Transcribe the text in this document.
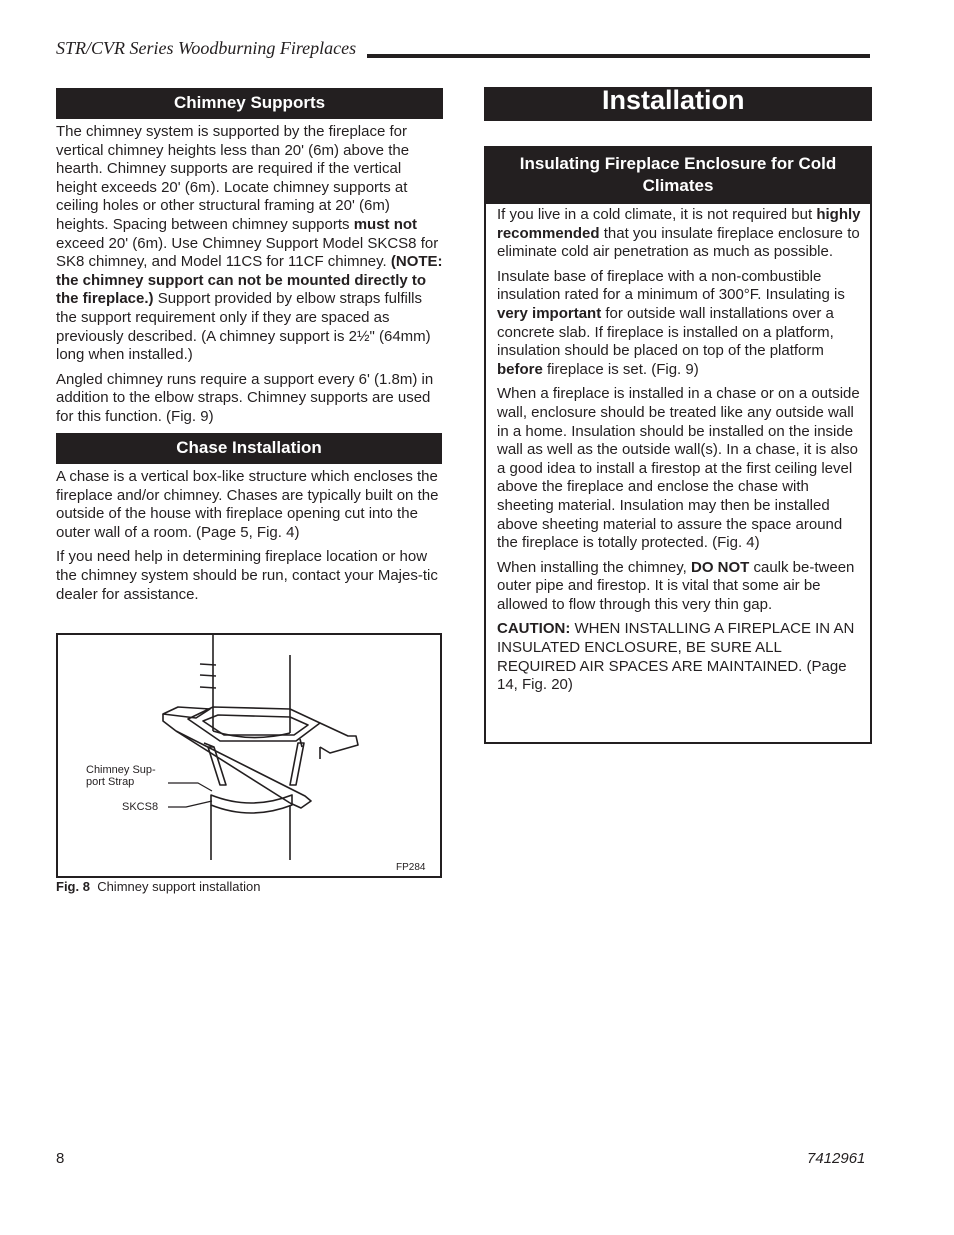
STR/CVR Series Woodburning Fireplaces
Chimney Supports

The chimney system is supported by the fireplace for vertical chimney heights less than 20' (6m) above the hearth. Chimney supports are required if the vertical height exceeds 20' (6m). Locate chimney supports at ceiling holes or other structural framing at 20' (6m) heights. Spacing between chimney supports must not exceed 20' (6m). Use Chimney Support Model SKCS8 for SK8 chimney, and Model 11CS for 11CF chimney. (NOTE: the chimney support can not be mounted directly to the fireplace.) Support provided by elbow straps fulfills the support requirement only if they are spaced as previously described. (A chimney support is 2½" (64mm) long when installed.)

Angled chimney runs require a support every 6' (1.8m) in addition to the elbow straps. Chimney supports are used for this function. (Fig. 9)

Chase Installation

A chase is a vertical box-like structure which encloses the fireplace and/or chimney. Chases are typically built on the outside of the house with fireplace opening cut into the outer wall of a room. (Page 5, Fig. 4)

If you need help in determining fireplace location or how the chimney system should be run, contact your Majes-tic dealer for assistance.

Chimney Sup-
port Strap
SKCS8
FP284
Fig. 8 Chimney support installation
Installation
Insulating Fireplace Enclosure for Cold Climates

If you live in a cold climate, it is not required but highly recommended that you insulate fireplace enclosure to eliminate cold air penetration as much as possible.

Insulate base of fireplace with a non-combustible insulation rated for a minimum of 300°F. Insulating is very important for outside wall installations over a concrete slab. If fireplace is installed on a platform, insulation should be placed on top of the platform before fireplace is set. (Fig. 9)

When a fireplace is installed in a chase or on a outside wall, enclosure should be treated like any outside wall in a home. Insulation should be installed on the inside wall as well as the outside wall(s). In a chase, it is also a good idea to install a firestop at the first ceiling level above the fireplace and enclose the chase with sheeting material. Insulation may then be installed above sheeting material to assure the space around the fireplace is totally protected. (Fig. 4)

When installing the chimney, DO NOT caulk be-tween outer pipe and firestop. It is vital that some air be allowed to flow through this very thin gap.

CAUTION: WHEN INSTALLING A FIREPLACE IN AN INSULATED ENCLOSURE, BE SURE ALL REQUIRED AIR SPACES ARE MAINTAINED. (Page 14, Fig. 20)

8	7412961
